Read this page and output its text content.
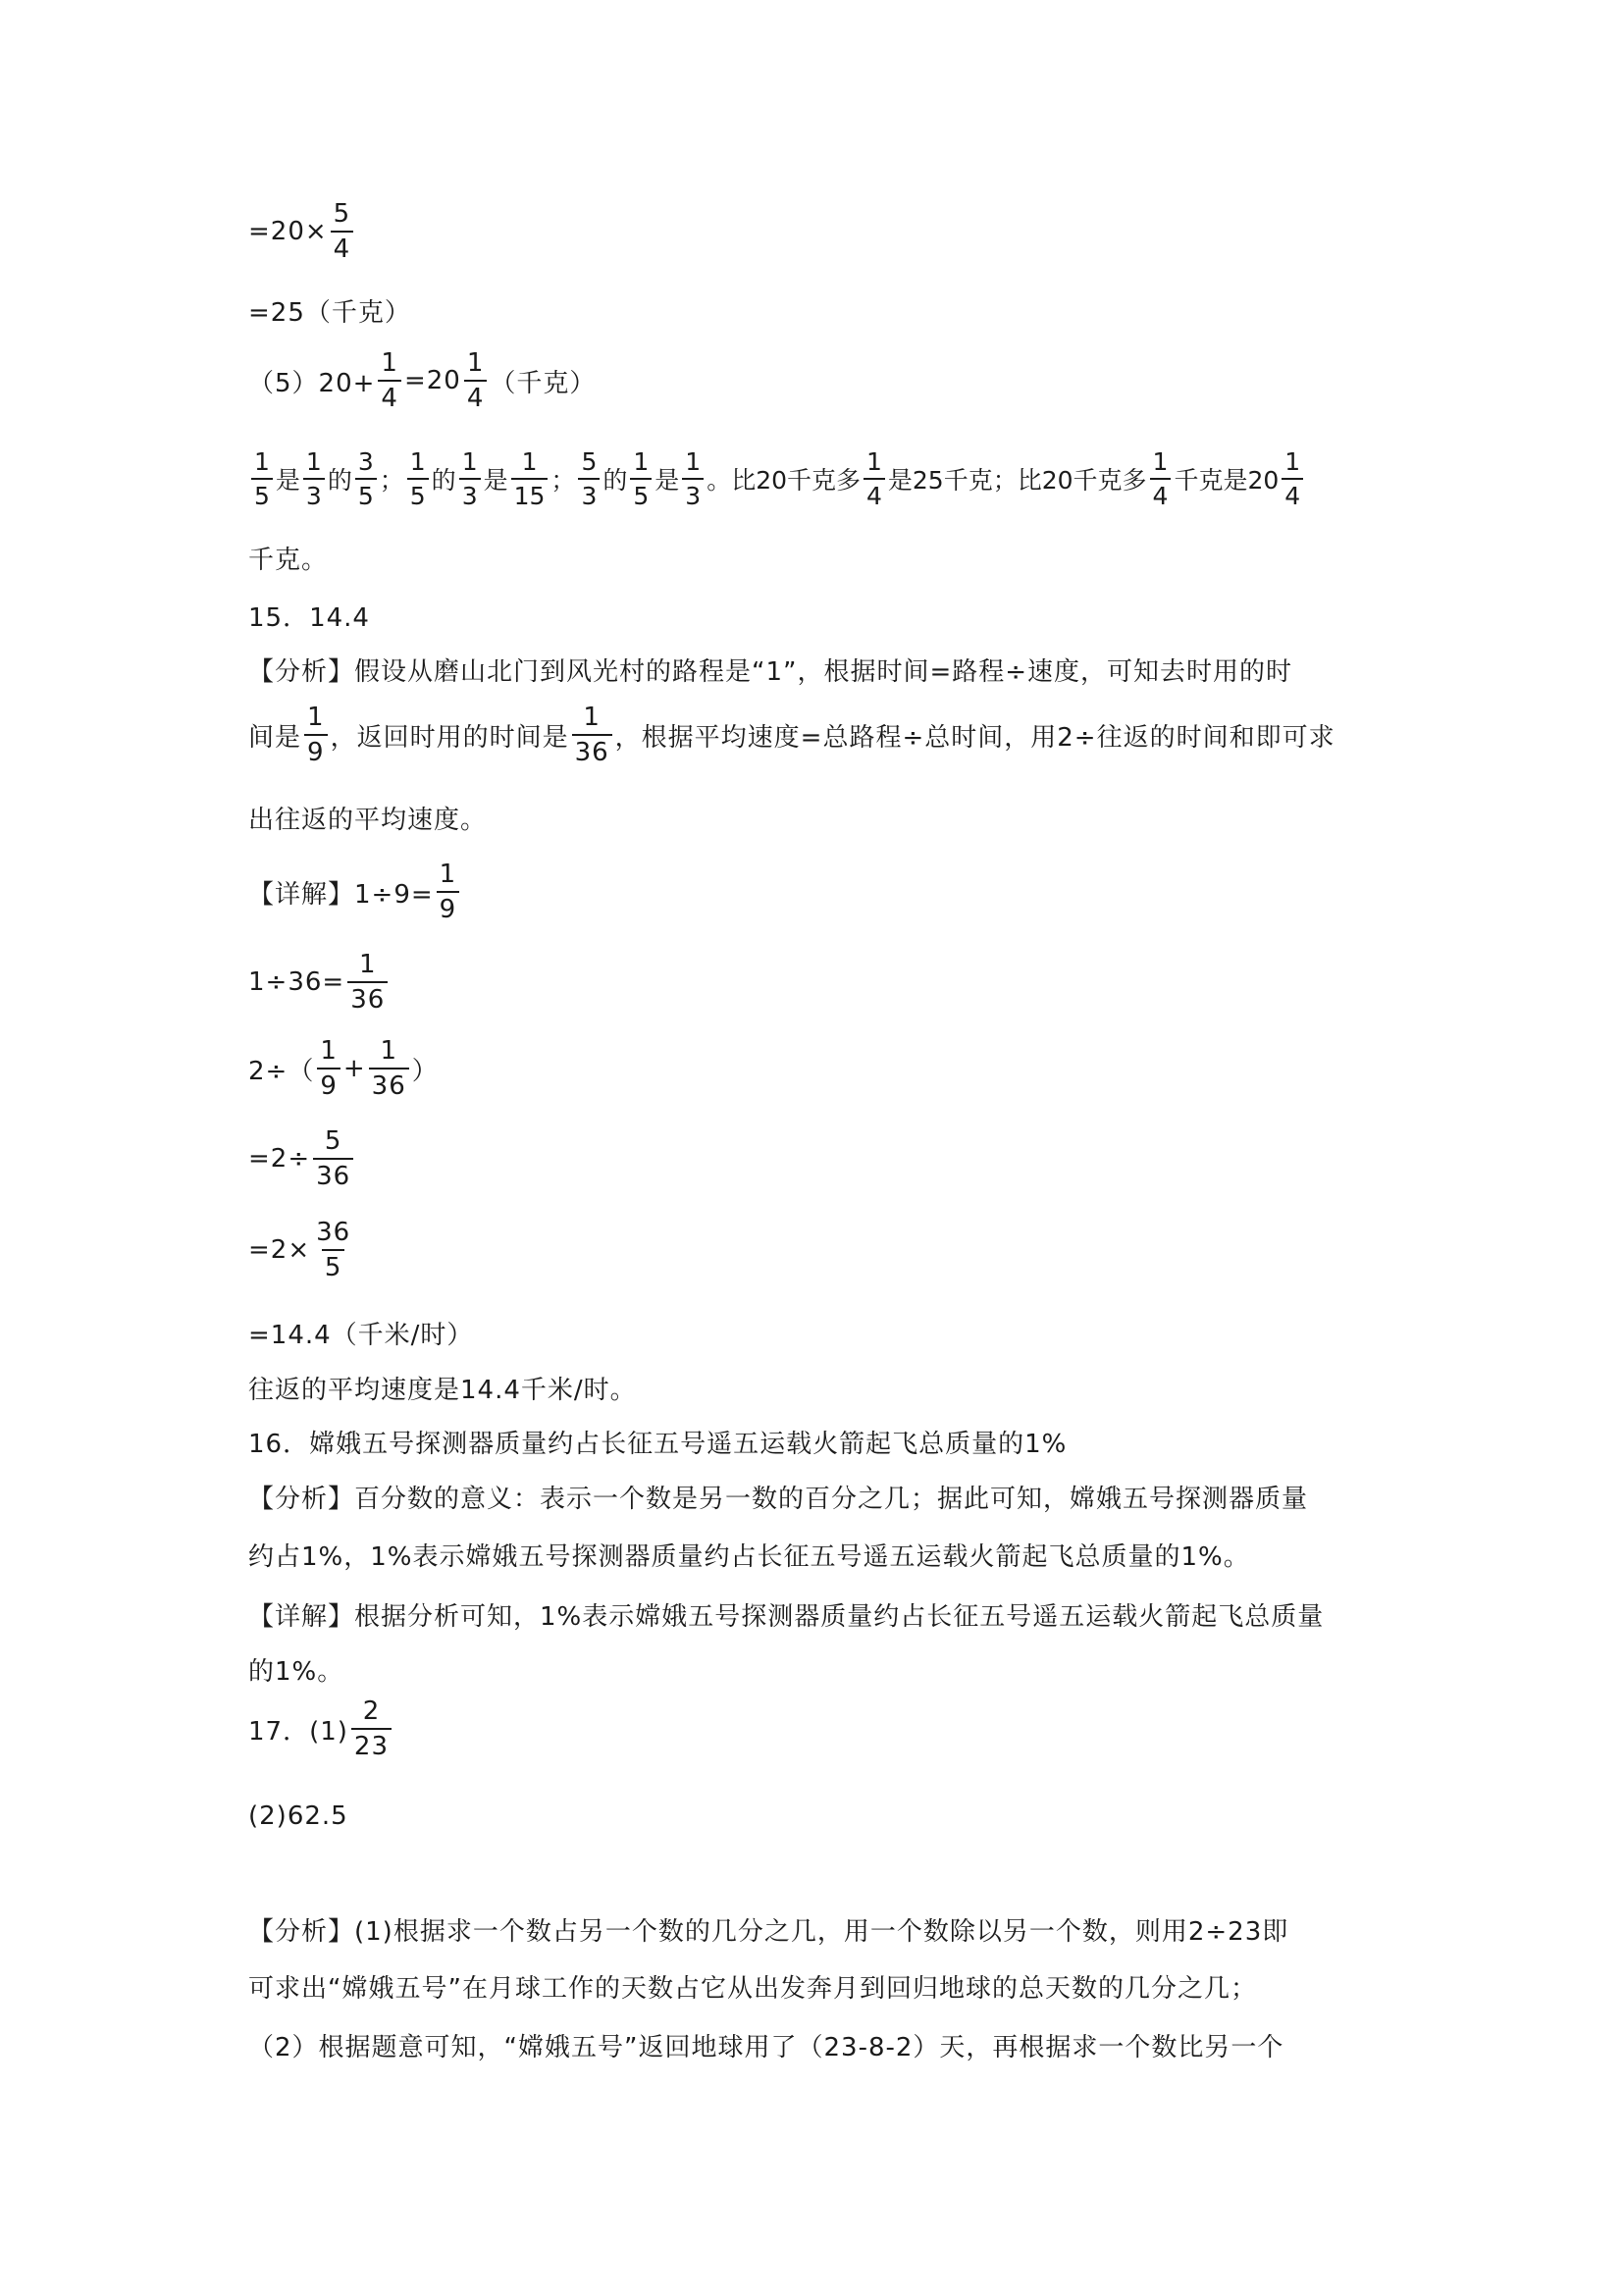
$=20\times \frac{5}{4}$
=25（千克）
$(5)20+ \frac{1}{4} =20 \frac{1}{4}$ （千克）
$\frac{1}{5}$ 是 $\frac{1}{3}$ 的 $\frac{3}{5}$ ； $\frac{1}{5}$ 的 $\frac{1}{3}$ 是 $\frac{1}{15}$ ； $\frac{5}{3}$ 的 $\frac{1}{5}$ 是 $\frac{1}{3}$ 。比20千克多 $\frac{1}{4}$ 是25千克；比20千克多 $\frac{1}{4}$ 千克是$20 \frac{1}{4}$
千克。
15．14.4
【分析】假设从磨山北门到风光村的路程是“1”，根据时间=路程÷速度，可知去时用的时
间是 $\frac{1}{9}$ ，返回时用的时间是 $\frac{1}{36}$ ，根据平均速度=总路程÷总时间，用2÷往返的时间和即可求
出往返的平均速度。
【详解】$1\div 9= \frac{1}{9}$
$1\div 36= \frac{1}{36}$
$2\div( \frac{1}{9} + \frac{1}{36}$ ）
$=2\div \frac{5}{36}$
$=2\times \frac{36}{5}$
=14.4（千米/时）
往返的平均速度是14.4千米/时。
16．嫦娥五号探测器质量约占长征五号遥五运载火箭起飞总质量的1%
【分析】百分数的意义：表示一个数是另一数的百分之几；据此可知，嫦娥五号探测器质量
约占1%，1%表示嫦娥五号探测器质量约占长征五号遥五运载火箭起飞总质量的1%。
【详解】根据分析可知，1%表示嫦娥五号探测器质量约占长征五号遥五运载火箭起飞总质量
的1%。
17．$(1) \frac{2}{23}$
(2)62.5
【分析】(1)根据求一个数占另一个数的几分之几，用一个数除以另一个数，则用2÷23即
可求出“嫦娥五号”在月球工作的天数占它从出发奔月到回归地球的总天数的几分之几；
（2）根据题意可知，“嫦娥五号”返回地球用了（23-8-2）天，再根据求一个数比另一个
